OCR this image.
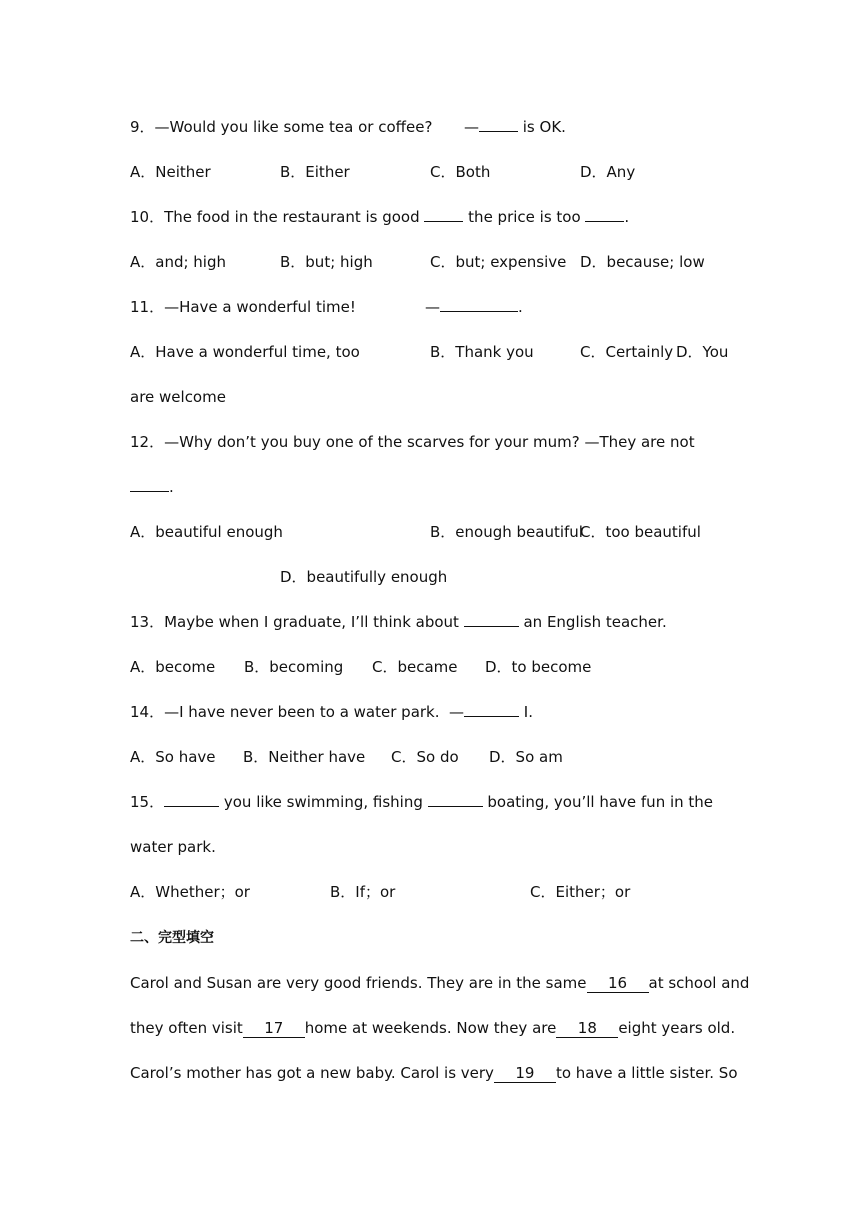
9．—Would you like some tea or coffee? —	is OK.
A．Neither	B．Either	C．Both	D．Any
10．The food in the restaurant is good	the price is too	.
A．and; high	B．but; high	C．but; expensive D．because; low
11．—Have a wonderful time!	—	.
A．Have a wonderful time, too	B．Thank you	C．Certainly D．You
are welcome
12．—Why don’t you buy one of the scarves for your mum? —They are not
.
A．beautiful enough	B．enough beautiful
C．too beautiful
D．beautifully enough
13．Maybe when I graduate, I’ll think about	an English teacher.
A．become B．becoming C．became D．to become
14．—I have never been to a water park. —	I.
A．So have B．Neither have C．So do D．So am
15．	you like swimming, fishing	boating, you’ll have fun in the
water park.
A．Whether；or	B．If；or	C．Either；or
二、完型填空
Carol and Susan are very good friends. They are in the same 16 at school and
they often visit 17 home at weekends. Now they are 18 eight years old.
Carol’s mother has got a new baby. Carol is very 19 to have a little sister. So
